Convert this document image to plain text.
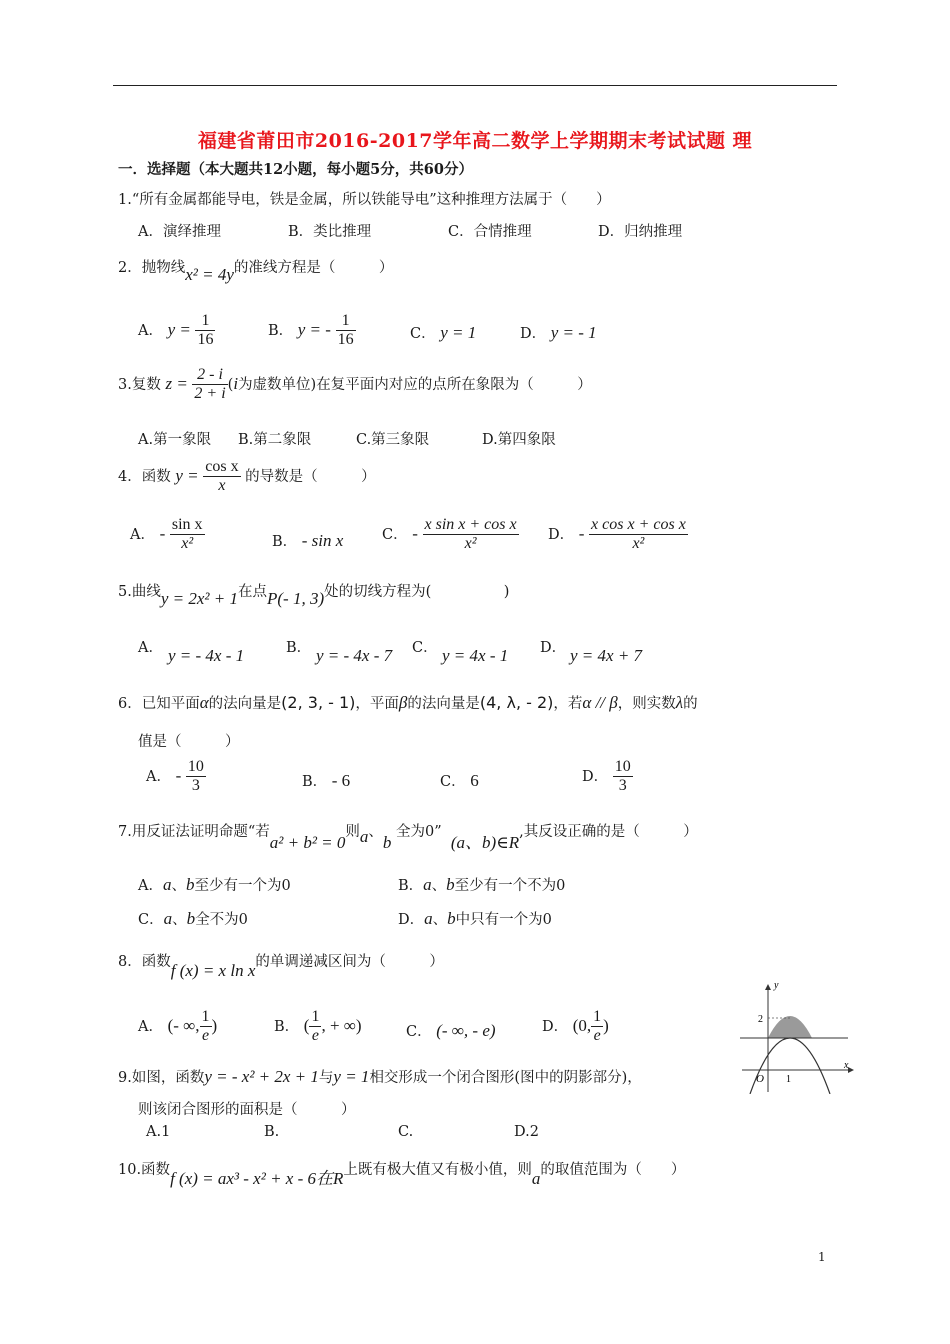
福建省莆田市2016-2017学年高二数学上学期期末考试试题 理
一．选择题（本大题共12小题，每小题5分，共60分）
1.“所有金属都能导电，铁是金属，所以铁能导电”这种推理方法属于（　　）
A．演绎推理	B．类比推理	C．合情推理	D．归纳推理
2．抛物线x² = 4y的准线方程是（　　　）
A． $y = \frac{1}{16}$	B． y = - $\frac{1}{16}$	C． y = 1	D． y = - 1
3.复数 $z = \frac{2 - i}{2 + i} (i$为虚数单位)在复平面内对应的点所在象限为（　　　）
A.第一象限 B.第二象限	C.第三象限	D.第四象限
4．函数 $y = \frac{\text{cos x}}{x}$ 的导数是（　　　）
A． - $\frac{\text{sin x}}{\text{x²}}$	B． - sin x	C． - $\frac{\text{x sin x + cos x}}{\text{x²}}$ D． - $\frac{\text{x cos x + cos x}}{\text{x²}}$
5.曲线y = 2x² + 1在点P(- 1, 3)处的切线方程为(　　　　　)
A． y = - 4x - 1	B． y = - 4x - 7 C． y = 4x - 1 D． y = 4x + 7
6．已知平面α的法向量是(2, 3, - 1)，平面β的法向量是(4, λ, - 2)，若α // β，则实数λ的
值是（　　　）
A． - $\frac{10}{3}$	B． - 6	C． 6	D． $\frac{10}{3}$
7.用反证法证明命题“若a² + b² = 0则a、b 全为0”  (a、b)∈R,其反设正确的是（　　　）
A．a、b至少有一个为0	B．a、b至少有一个不为0
C．a、b全不为0	D．a、b中只有一个为0
8．函数f (x) = x ln x的单调递减区间为（　　　）
A． (- ∞, $\frac{1}{e}$ )	B． ( $\frac{1}{e}$ , + ∞)	C． (- ∞, - e)	D． (0, $\frac{1}{e}$ )
y
x
O 1
2
9.如图，函数y = - x² + 2x + 1与y = 1相交形成一个闭合图形(图中的阴影部分)，
则该闭合图形的面积是（　　　）
A.1	B.	C.	D.2
10.函数f (x) = ax³ - x² + x - 6在R上既有极大值又有极小值，则a的取值范围为（　　）
1
